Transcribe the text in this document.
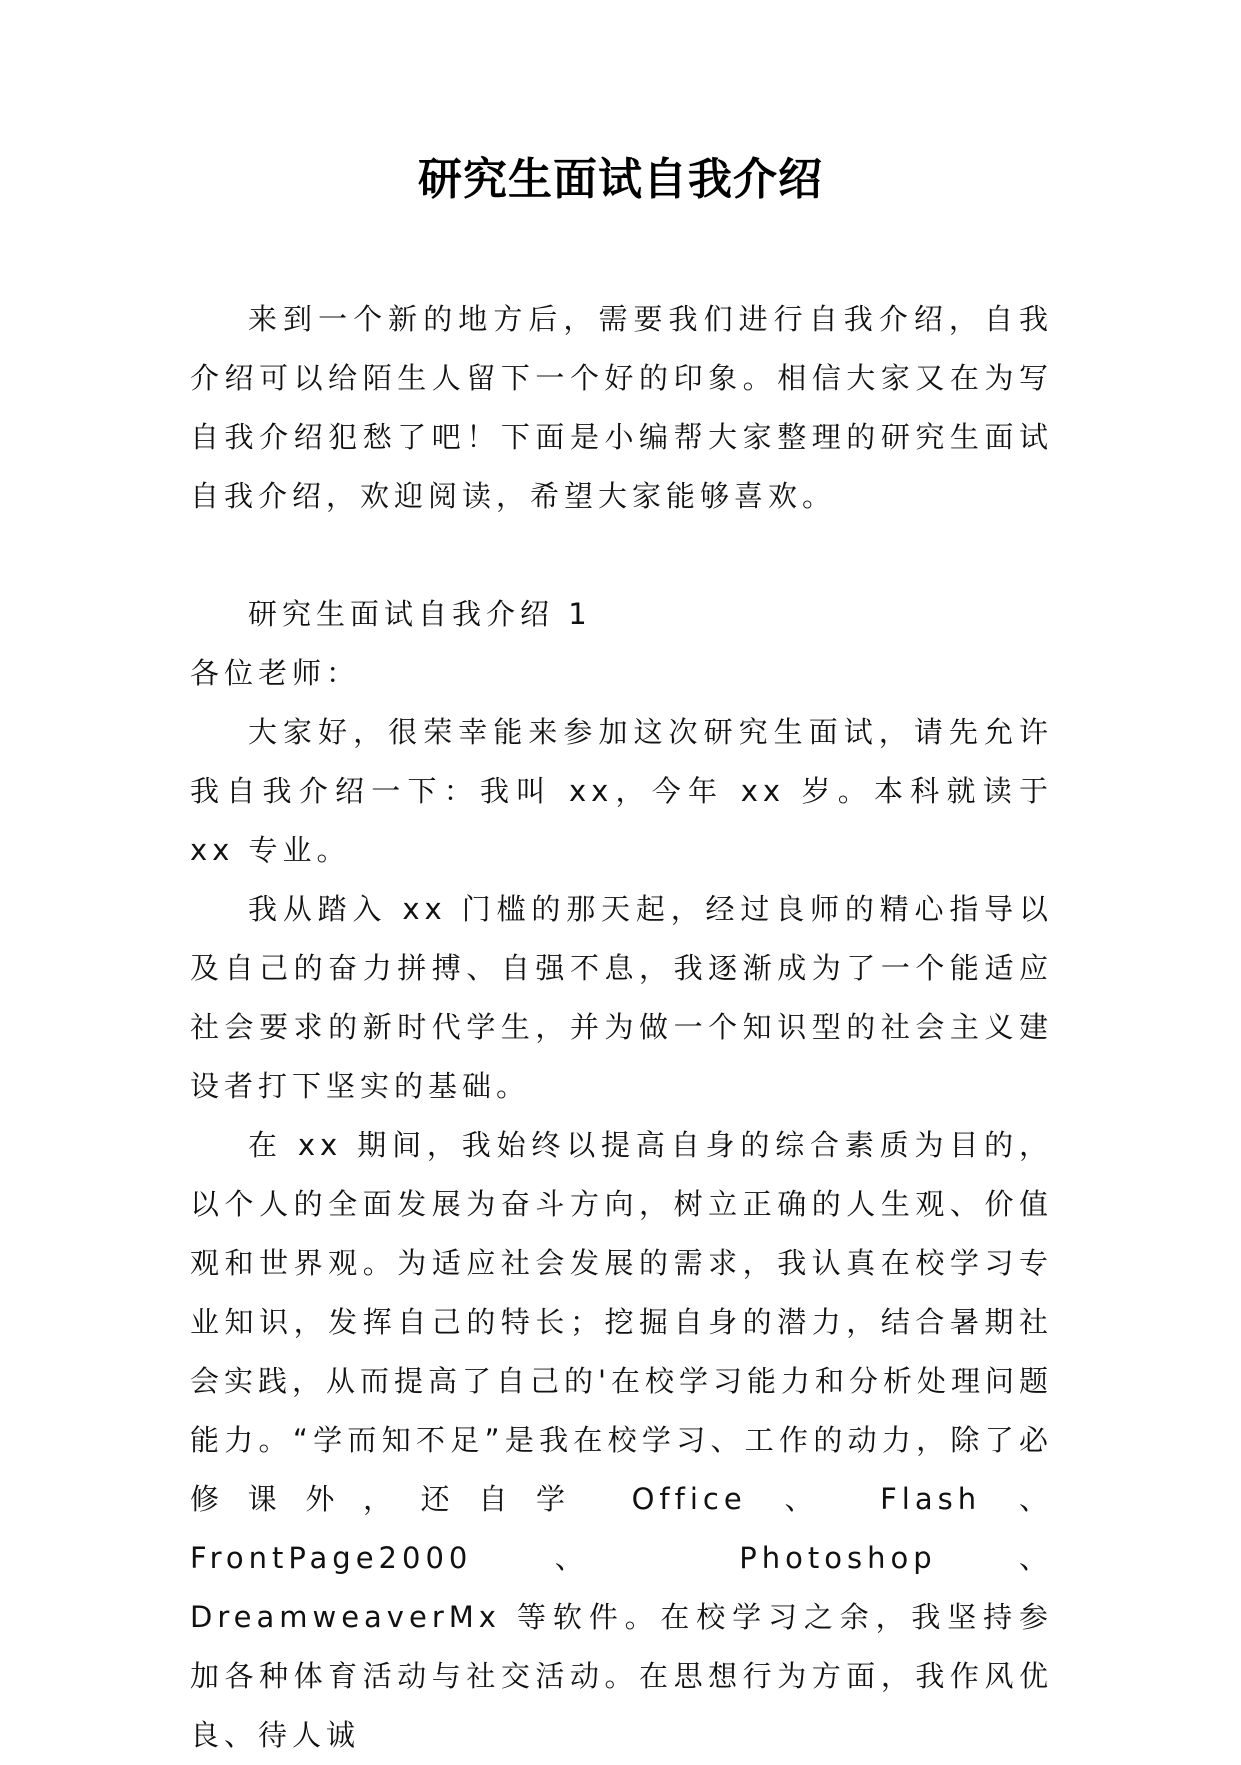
研究生面试自我介绍

来到一个新的地方后，需要我们进行自我介绍，自我介绍可以给陌生人留下一个好的印象。相信大家又在为写自我介绍犯愁了吧！下面是小编帮大家整理的研究生面试自我介绍，欢迎阅读，希望大家能够喜欢。

研究生面试自我介绍 1

各位老师：

大家好，很荣幸能来参加这次研究生面试，请先允许我自我介绍一下：我叫 xx，今年 xx 岁。本科就读于 xx 专业。

我从踏入 xx 门槛的那天起，经过良师的精心指导以及自己的奋力拼搏、自强不息，我逐渐成为了一个能适应社会要求的新时代学生，并为做一个知识型的社会主义建设者打下坚实的基础。

在 xx 期间，我始终以提高自身的综合素质为目的，以个人的全面发展为奋斗方向，树立正确的人生观、价值观和世界观。为适应社会发展的需求，我认真在校学习专业知识，发挥自己的特长；挖掘自身的潜力，结合暑期社会实践，从而提高了自己的'在校学习能力和分析处理问题能力。“学而知不足”是我在校学习、工作的动力，除了必修课外，还自学 Office 、 Flash 、 FrontPage2000 、 Photoshop 、 DreamweaverMx 等软件。在校学习之余，我坚持参加各种体育活动与社交活动。在思想行为方面，我作风优良、待人诚
